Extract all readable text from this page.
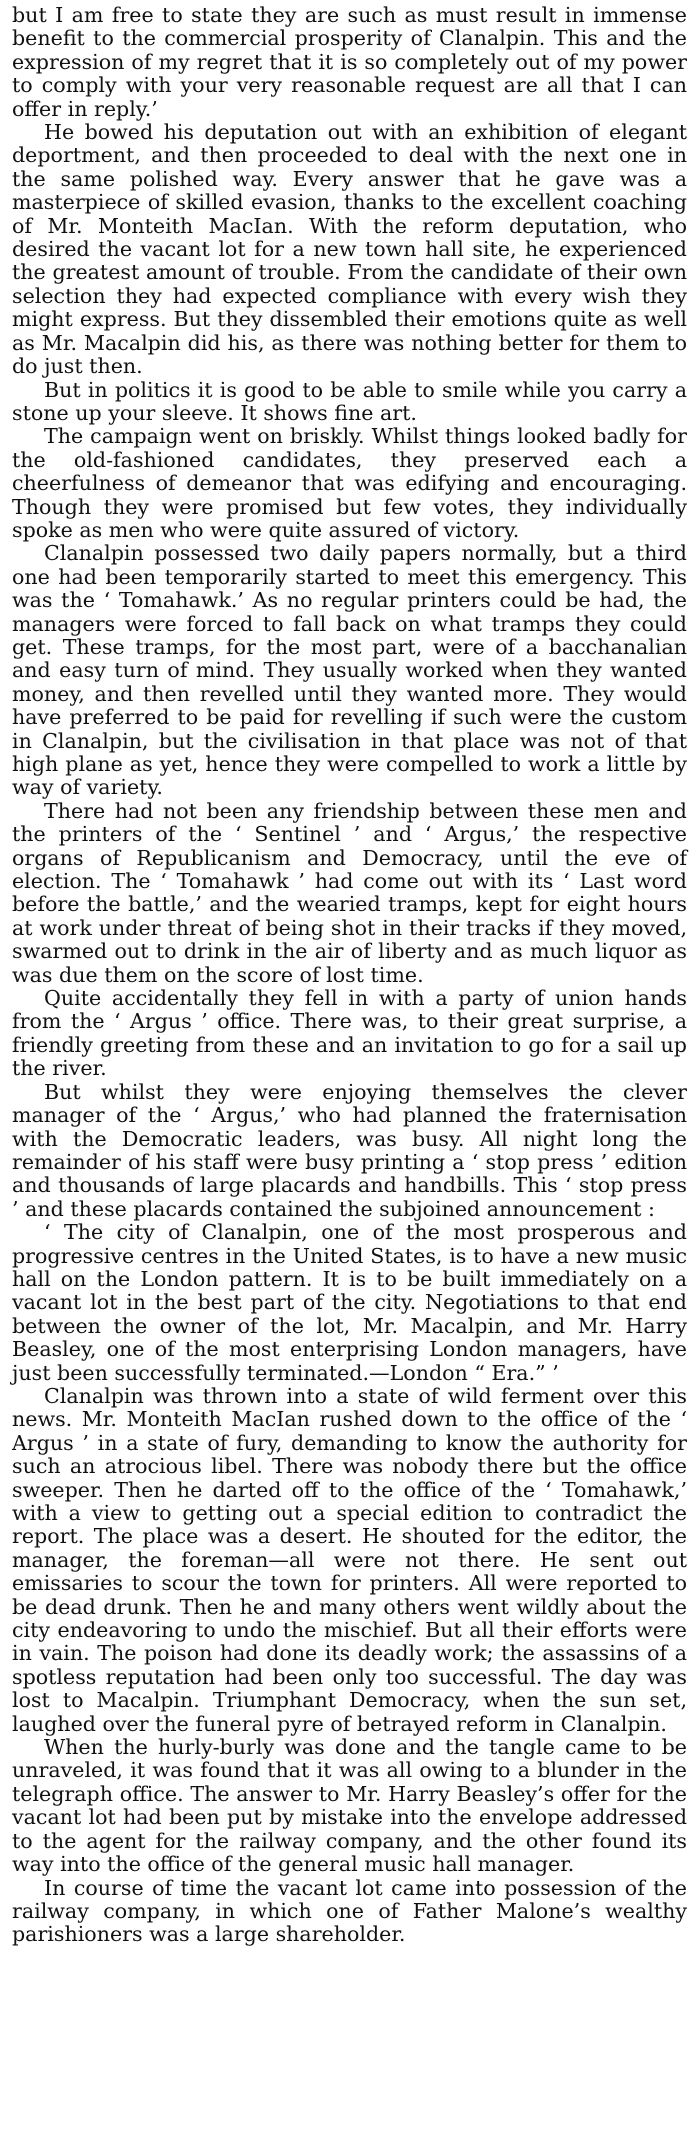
but I am free to state they are such as must result in immense benefit to the commercial prosperity of Clanalpin. This and the expression of my regret that it is so completely out of my power to comply with your very reasonable request are all that I can offer in reply.’

He bowed his deputation out with an exhibition of elegant deportment, and then proceeded to deal with the next one in the same polished way. Every answer that he gave was a masterpiece of skilled evasion, thanks to the excellent coaching of Mr. Monteith MacIan. With the reform deputation, who desired the vacant lot for a new town hall site, he experienced the greatest amount of trouble. From the candidate of their own selection they had expected compliance with every wish they might express. But they dissembled their emotions quite as well as Mr. Macalpin did his, as there was nothing better for them to do just then.

But in politics it is good to be able to smile while you carry a stone up your sleeve. It shows fine art.

The campaign went on briskly. Whilst things looked badly for the old-fashioned candidates, they preserved each a cheerfulness of demeanor that was edifying and encouraging. Though they were promised but few votes, they individually spoke as men who were quite assured of victory.

Clanalpin possessed two daily papers normally, but a third one had been temporarily started to meet this emergency. This was the ‘ Tomahawk.’ As no regular printers could be had, the managers were forced to fall back on what tramps they could get. These tramps, for the most part, were of a bacchanalian and easy turn of mind. They usually worked when they wanted money, and then revelled until they wanted more. They would have preferred to be paid for revelling if such were the custom in Clanalpin, but the civilisation in that place was not of that high plane as yet, hence they were compelled to work a little by way of variety.

There had not been any friendship between these men and the printers of the ‘ Sentinel ’ and ‘ Argus,’ the respective organs of Republicanism and Democracy, until the eve of election. The ‘ Tomahawk ’ had come out with its ‘ Last word before the battle,’ and the wearied tramps, kept for eight hours at work under threat of being shot in their tracks if they moved, swarmed out to drink in the air of liberty and as much liquor as was due them on the score of lost time.

Quite accidentally they fell in with a party of union hands from the ‘ Argus ’ office. There was, to their great surprise, a friendly greeting from these and an invitation to go for a sail up the river.

But whilst they were enjoying themselves the clever manager of the ‘ Argus,’ who had planned the fraternisation with the Democratic leaders, was busy. All night long the remainder of his staff were busy printing a ‘ stop press ’ edition and thousands of large placards and handbills. This ‘ stop press ’ and these placards contained the subjoined announcement :

‘ The city of Clanalpin, one of the most prosperous and progressive centres in the United States, is to have a new music hall on the London pattern. It is to be built immediately on a vacant lot in the best part of the city. Negotiations to that end between the owner of the lot, Mr. Macalpin, and Mr. Harry Beasley, one of the most enterprising London managers, have just been successfully terminated.—London “ Era.” ’

Clanalpin was thrown into a state of wild ferment over this news. Mr. Monteith MacIan rushed down to the office of the ‘ Argus ’ in a state of fury, demanding to know the authority for such an atrocious libel. There was nobody there but the office sweeper. Then he darted off to the office of the ‘ Tomahawk,’ with a view to getting out a special edition to contradict the report. The place was a desert. He shouted for the editor, the manager, the foreman—all were not there. He sent out emissaries to scour the town for printers. All were reported to be dead drunk. Then he and many others went wildly about the city endeavoring to undo the mischief. But all their efforts were in vain. The poison had done its deadly work; the assassins of a spotless reputation had been only too successful. The day was lost to Macalpin. Triumphant Democracy, when the sun set, laughed over the funeral pyre of betrayed reform in Clanalpin.

When the hurly-burly was done and the tangle came to be unraveled, it was found that it was all owing to a blunder in the telegraph office. The answer to Mr. Harry Beasley’s offer for the vacant lot had been put by mistake into the envelope addressed to the agent for the railway company, and the other found its way into the office of the general music hall manager.

In course of time the vacant lot came into possession of the railway company, in which one of Father Malone’s wealthy parishioners was a large shareholder.
